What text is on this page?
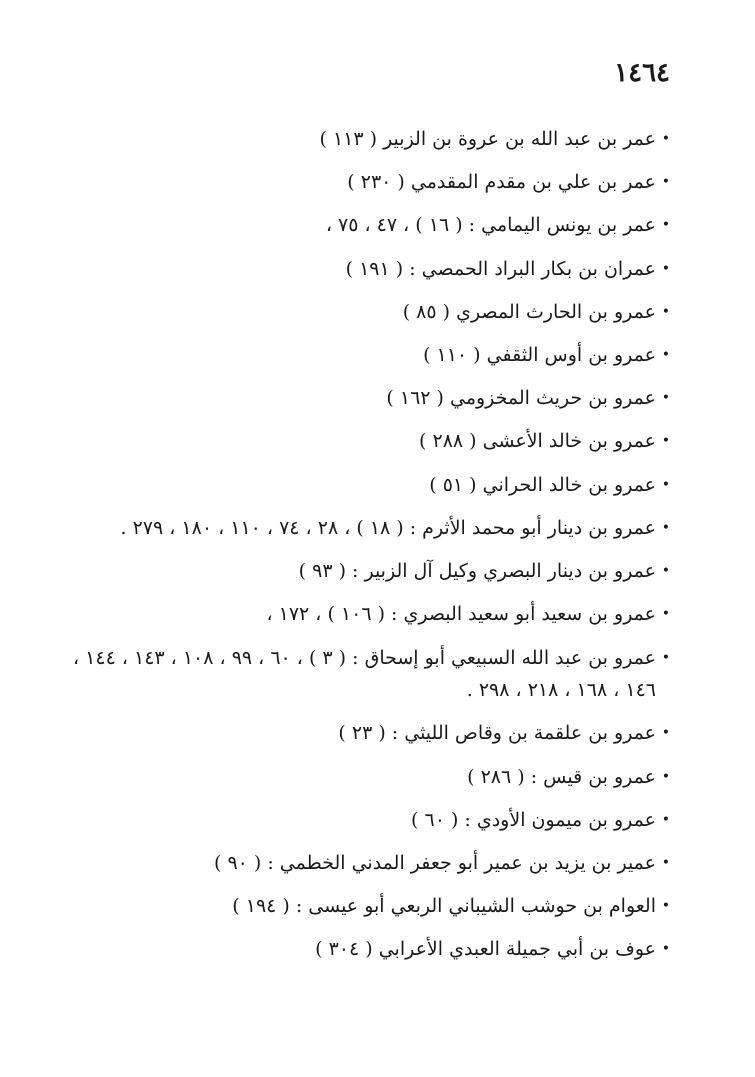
١٤٦٤
•
عمر بن عبد الله بن عروة بن الزبير ( ١١٣ )
•
عمر بن علي بن مقدم المقدمي ( ٢٣٠ )
•
عمر بن يونس اليمامي : ( ١٦ ) ، ٤٧ ، ٧٥ ،
•
عمران بن بكار البراد الحمصي : ( ١٩١ )
•
عمرو بن الحارث المصري ( ٨٥ )
•
عمرو بن أوس الثقفي ( ١١٠ )
•
عمرو بن حريث المخزومي ( ١٦٢ )
•
عمرو بن خالد الأعشى ( ٢٨٨ )
•
عمرو بن خالد الحراني ( ٥١ )
•
عمرو بن دينار أبو محمد الأثرم : ( ١٨ ) ، ٢٨ ، ٧٤ ، ١١٠ ، ١٨٠ ، ٢٧٩ .
•
عمرو بن دينار البصري وكيل آل الزبير : ( ٩٣ )
•
عمرو بن سعيد أبو سعيد البصري : ( ١٠٦ ) ، ١٧٢ ،
•
عمرو بن عبد الله السبيعي أبو إسحاق : ( ٣ ) ، ٦٠ ، ٩٩ ، ١٠٨ ، ١٤٣ ، ١٤٤ ، ١٤٦ ، ١٦٨ ، ٢١٨ ، ٢٩٨ .
•
عمرو بن علقمة بن وقاص الليثي : ( ٢٣ )
•
عمرو بن قيس : ( ٢٨٦ )
•
عمرو بن ميمون الأودي : ( ٦٠ )
•
عمير بن يزيد بن عمير أبو جعفر المدني الخطمي : ( ٩٠ )
•
العوام بن حوشب الشيباني الربعي أبو عيسى : ( ١٩٤ )
•
عوف بن أبي جميلة العبدي الأعرابي ( ٣٠٤ )
